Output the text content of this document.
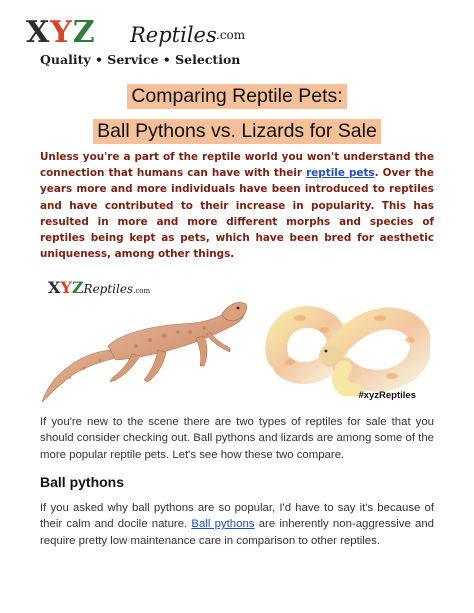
XYZ Reptiles .com
Quality • Service • Selection
Comparing Reptile Pets:
Ball Pythons vs. Lizards for Sale

Unless you're a part of the reptile world you won't understand the connection that humans can have with their reptile pets. Over the years more and more individuals have been introduced to reptiles and have contributed to their increase in popularity. This has resulted in more and more different morphs and species of reptiles being kept as pets, which have been bred for aesthetic uniqueness, among other things.

XYZReptiles.com
#xyzReptiles

If you're new to the scene there are two types of reptiles for sale that you should consider checking out. Ball pythons and lizards are among some of the more popular reptile pets. Let's see how these two compare.

Ball pythons

If you asked why ball pythons are so popular, I'd have to say it's because of their calm and docile nature. Ball pythons are inherently non-aggressive and require pretty low maintenance care in comparison to other reptiles.
